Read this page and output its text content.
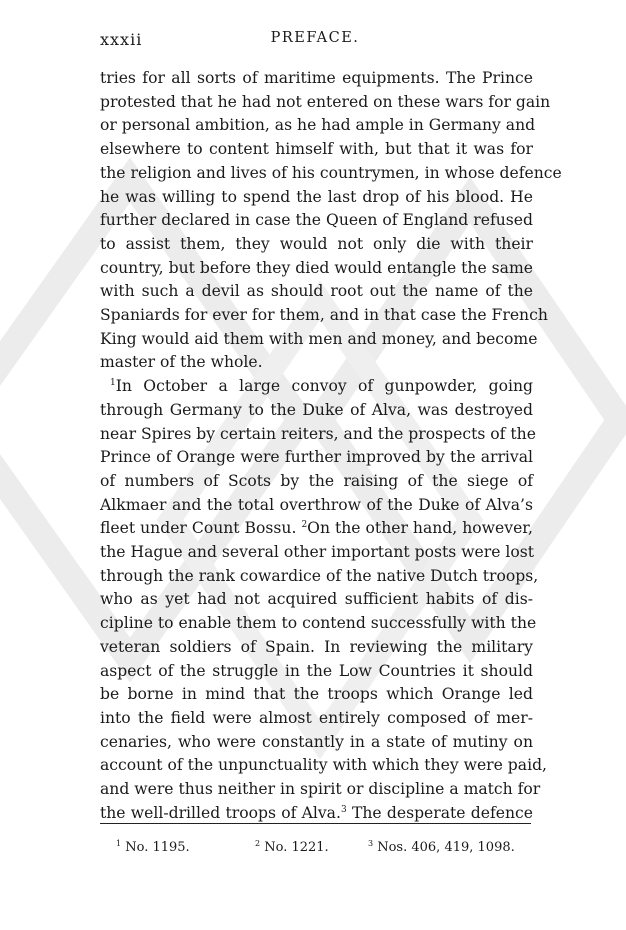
xxxii	PREFACE.
tries for all sorts of maritime equipments. The Prince
protested that he had not entered on these wars for gain
or personal ambition, as he had ample in Germany and
elsewhere to content himself with, but that it was for
the religion and lives of his countrymen, in whose defence
he was willing to spend the last drop of his blood. He
further declared in case the Queen of England refused
to assist them, they would not only die with their
country, but before they died would entangle the same
with such a devil as should root out the name of the
Spaniards for ever for them, and in that case the French
King would aid them with men and money, and become
master of the whole.
$^1$In October a large convoy of gunpowder, going
through Germany to the Duke of Alva, was destroyed
near Spires by certain reiters, and the prospects of the
Prince of Orange were further improved by the arrival
of numbers of Scots by the raising of the siege of
Alkmaer and the total overthrow of the Duke of Alva’s
fleet under Count Bossu. $^2$On the other hand, however,
the Hague and several other important posts were lost
through the rank cowardice of the native Dutch troops,
who as yet had not acquired sufficient habits of dis-
cipline to enable them to contend successfully with the
veteran soldiers of Spain. In reviewing the military
aspect of the struggle in the Low Countries it should
be borne in mind that the troops which Orange led
into the field were almost entirely composed of mer-
cenaries, who were constantly in a state of mutiny on
account of the unpunctuality with which they were paid,
and were thus neither in spirit or discipline a match for
the well-drilled troops of Alva.$^3$ The desperate defence
$^1$ No. 1195.	$^2$ No. 1221.	$^3$ Nos. 406, 419, 1098.
